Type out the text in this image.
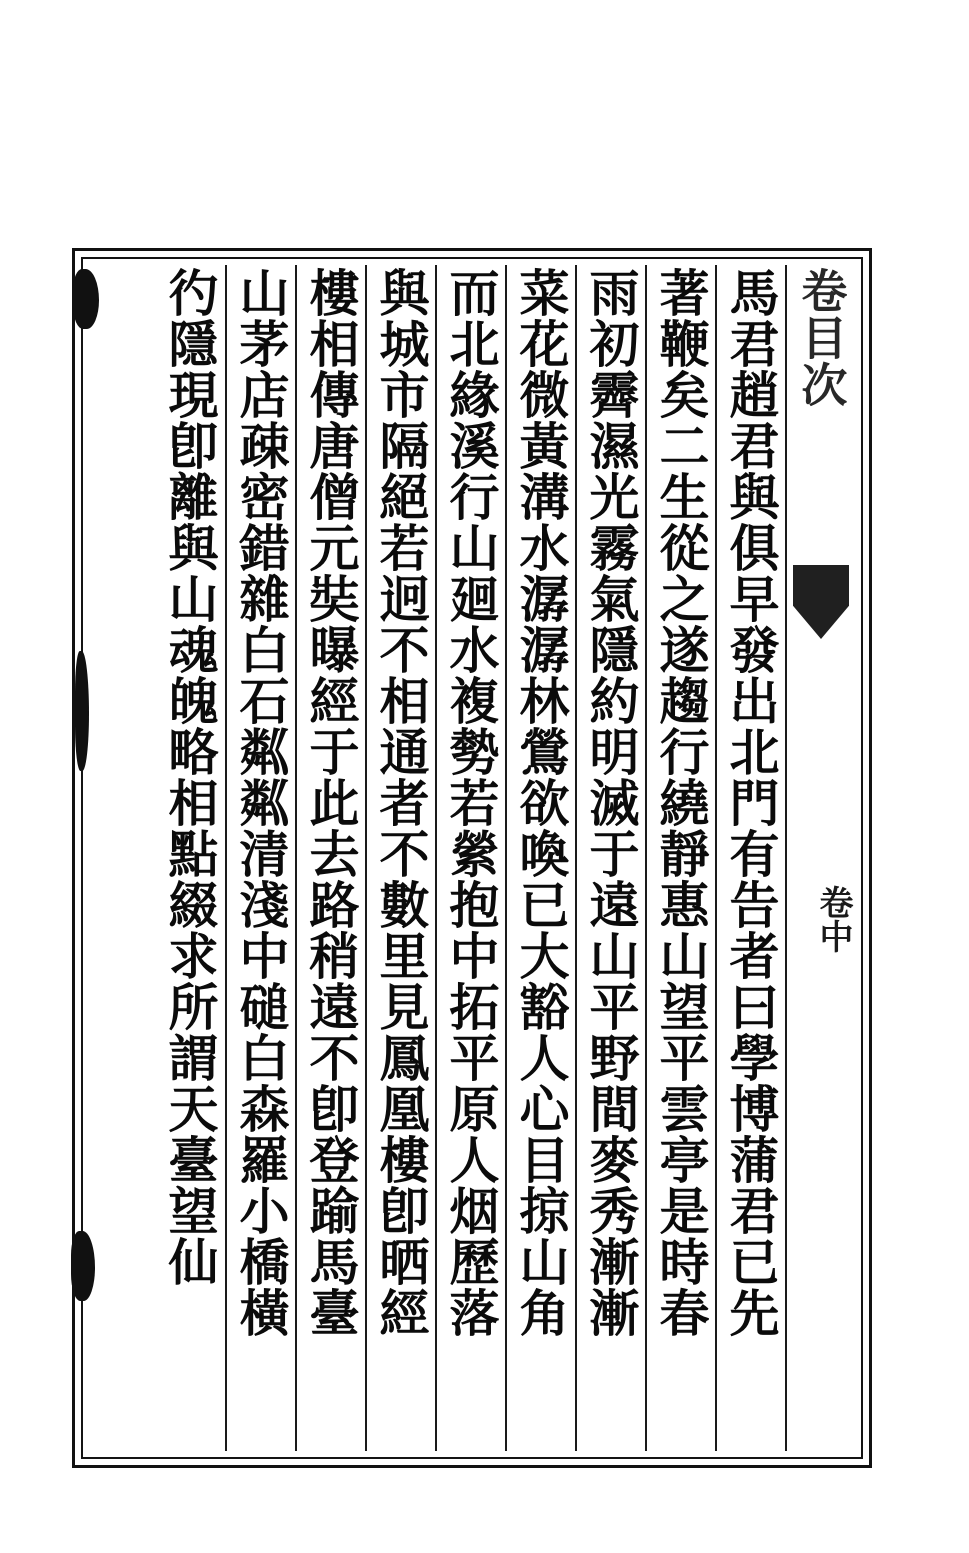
卷目次
卷中
馬君趙君與俱早發出北門有告者曰學博蒲君已先
著鞭矣二生從之遂趨行繞靜惠山望平雲亭是時春
雨初霽濕光霧氣隱約明滅于遠山平野間麥秀漸漸
菜花微黃溝水潺潺林鶯欲喚已大豁人心目掠山角
而北緣溪行山廻水複勢若縈抱中拓平原人烟歷落
與城市隔絕若迥不相通者不數里見鳳凰樓卽晒經
樓相傳唐僧元奘曝經于此去路稍遠不卽登踰馬臺
山茅店疎密錯雜白石粼粼清淺中磓白森羅小橋橫
彴隱現卽離與山魂魄略相點綴求所謂天臺望仙
